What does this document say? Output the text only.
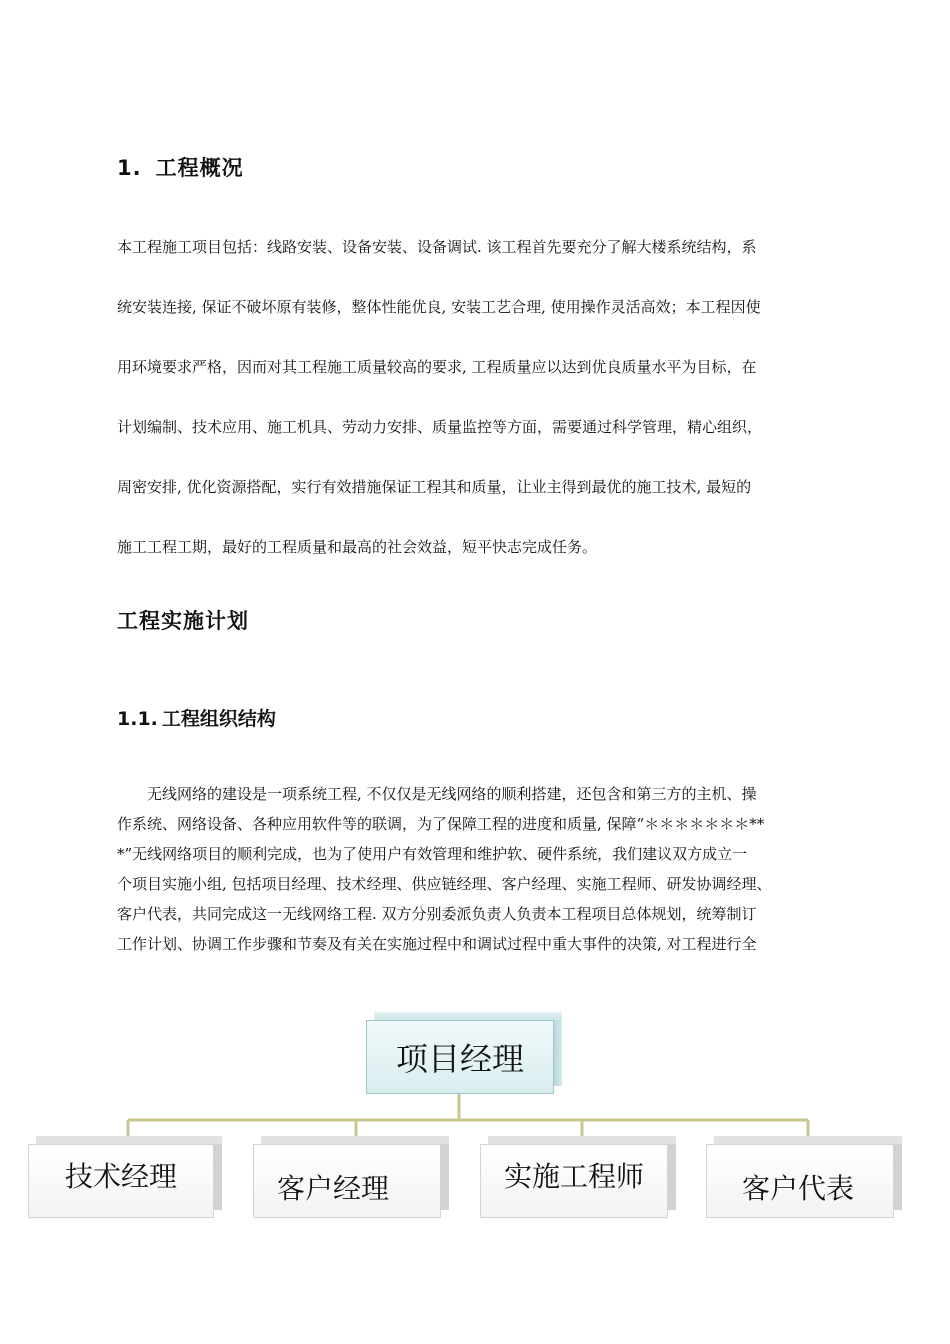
1. 工程概况

本工程施工项目包括：线路安装、设备安装、设备调试. 该工程首先要充分了解大楼系统结构，系
统安装连接, 保证不破坏原有装修，整体性能优良, 安装工艺合理, 使用操作灵活高效；本工程因使
用环境要求严格，因而对其工程施工质量较高的要求, 工程质量应以达到优良质量水平为目标，在
计划编制、技术应用、施工机具、劳动力安排、质量监控等方面，需要通过科学管理，精心组织，
周密安排, 优化资源搭配，实行有效措施保证工程其和质量，让业主得到最优的施工技术, 最短的
施工工程工期，最好的工程质量和最高的社会效益，短平快志完成任务。

工程实施计划
1.1. 工程组织结构

　　无线网络的建设是一项系统工程, 不仅仅是无线网络的顺利搭建，还包含和第三方的主机、操
作系统、网络设备、各种应用软件等的联调，为了保障工程的进度和质量, 保障“＊＊＊＊＊＊＊**
*”无线网络项目的顺利完成，也为了使用户有效管理和维护软、硬件系统，我们建议双方成立一
个项目实施小组, 包括项目经理、技术经理、供应链经理、客户经理、实施工程师、研发协调经理、
客户代表，共同完成这一无线网络工程. 双方分别委派负责人负责本工程项目总体规划，统筹制订
工作计划、协调工作步骤和节奏及有关在实施过程中和调试过程中重大事件的决策, 对工程进行全

项目经理
技术经理	客户经理	实施工程师	客户代表
